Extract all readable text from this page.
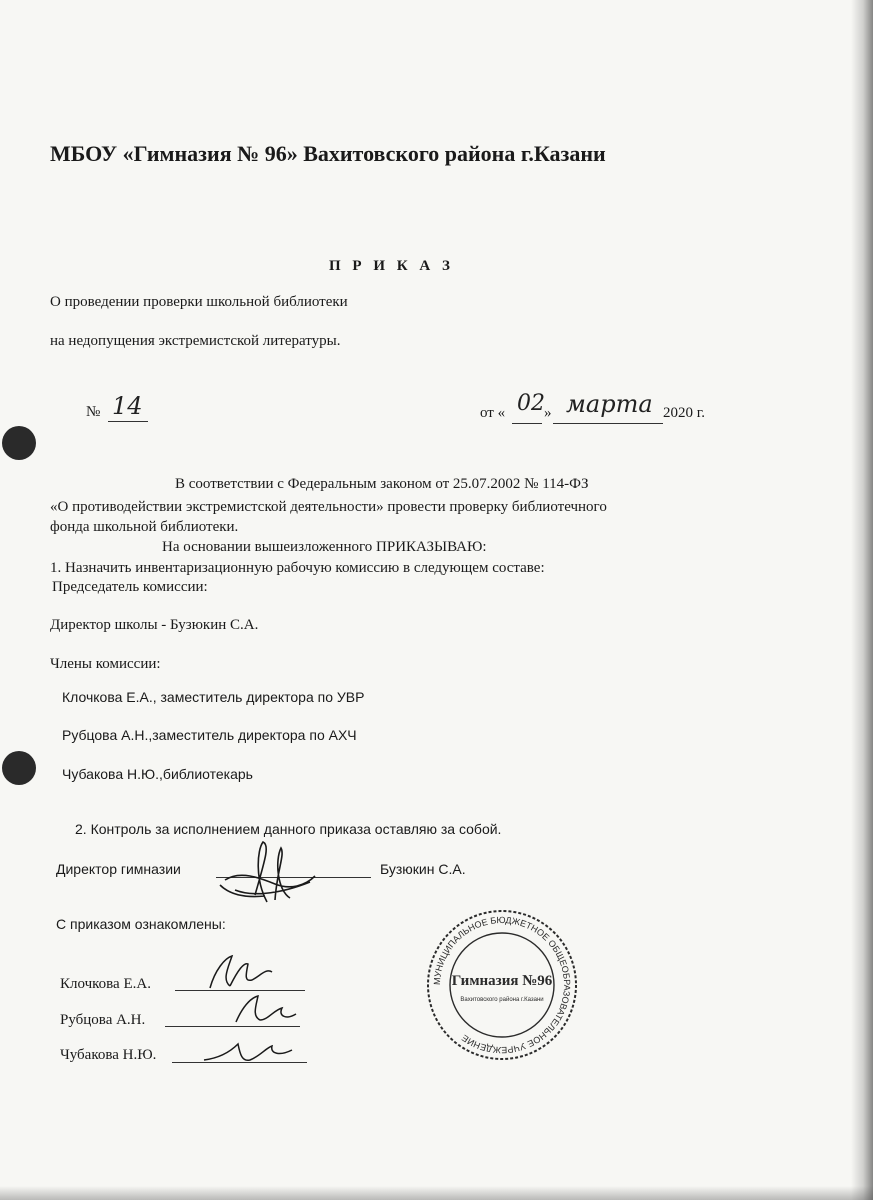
МБОУ «Гимназия № 96» Вахитовского района г.Казани
П Р И К А З
О проведении проверки школьной библиотеки
на недопущения экстремистской литературы.
№ 14	от « 02 » марта 2020 г.
В соответствии с Федеральным законом от 25.07.2002 № 114-ФЗ
«О противодействии экстремистской деятельности» провести проверку библиотечного
фонда школьной библиотеки.
На основании вышеизложенного ПРИКАЗЫВАЮ:
1. Назначить инвентаризационную рабочую комиссию в следующем составе:
Председатель комиссии:
Директор школы - Бузюкин С.А.
Члены комиссии:
Клочкова Е.А., заместитель директора по УВР
Рубцова А.Н.,заместитель директора по АХЧ
Чубакова Н.Ю.,библиотекарь
2. Контроль за исполнением данного приказа оставляю за собой.
Директор гимназии	Бузюкин С.А.
С приказом ознакомлены:
Клочкова Е.А.
Рубцова А.Н.
Чубакова Н.Ю.
МУНИЦИПАЛЬНОЕ БЮДЖЕТНОЕ ОБЩЕОБРАЗОВАТЕЛЬНОЕ УЧРЕЖДЕНИЕ
Гимназия №96
Вахитовского района г.Казани
